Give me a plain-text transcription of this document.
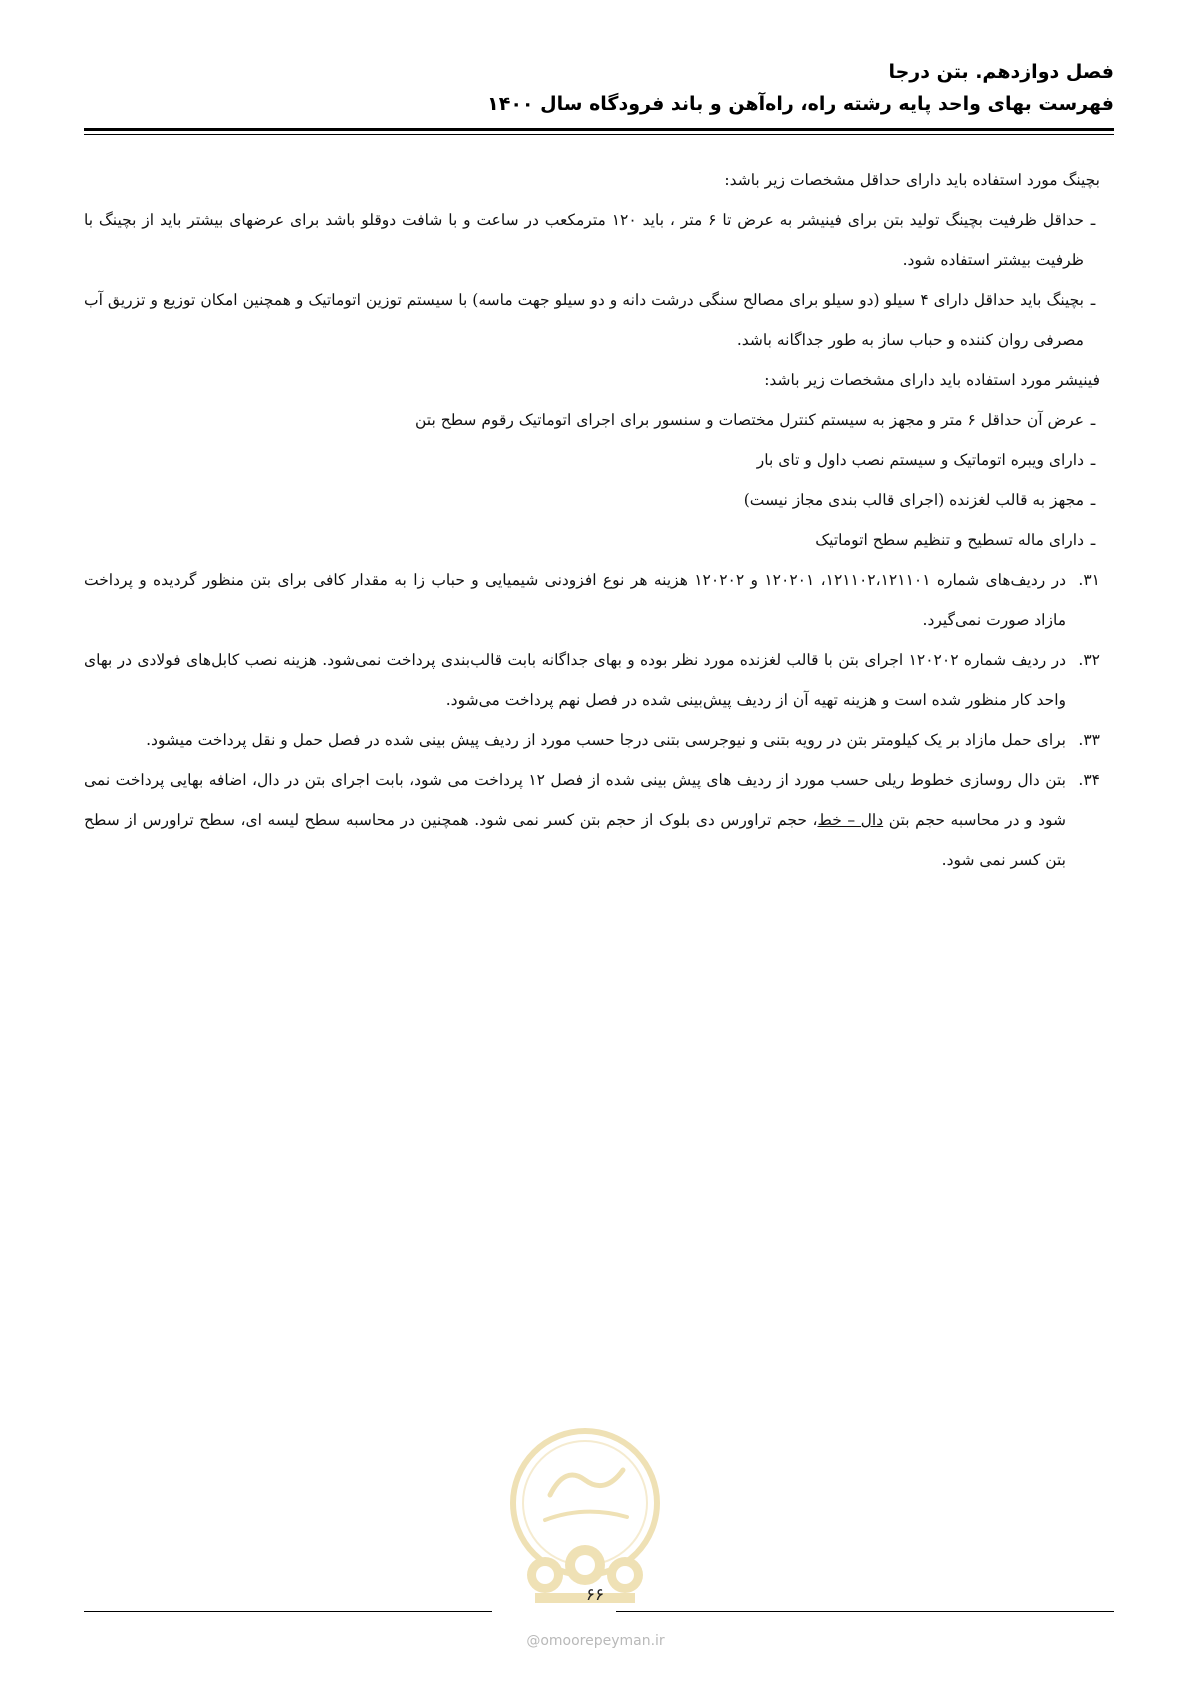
فصل دوازدهم. بتن درجا
فهرست بهای واحد پایه رشته راه، راه‌آهن و باند فرودگاه سال ۱۴۰۰

بچینگ مورد استفاده باید دارای حداقل مشخصات زیر باشد:

ـ
حداقل ظرفیت بچینگ تولید بتن برای فینیشر به عرض تا ۶ متر ، باید ۱۲۰ مترمکعب در ساعت و با شافت دوقلو باشد برای عرضهای بیشتر باید از بچینگ با ظرفیت بیشتر استفاده شود.

ـ
بچینگ باید حداقل دارای ۴ سیلو (دو سیلو برای مصالح سنگی درشت دانه و دو سیلو جهت ماسه) با سیستم توزین اتوماتیک و همچنین امکان توزیع و تزریق آب مصرفی روان کننده و حباب ساز به طور جداگانه باشد.

فینیشر مورد استفاده باید دارای مشخصات زیر باشد:

ـ
عرض آن حداقل ۶ متر و مجهز به سیستم کنترل مختصات و سنسور برای اجرای اتوماتیک رقوم سطح بتن

ـ
دارای ویبره اتوماتیک و سیستم نصب داول و تای بار

ـ
مجهز به قالب لغزنده (اجرای قالب بندی مجاز نیست)

ـ
دارای ماله تسطیح و تنظیم سطح اتوماتیک

۳۱.
در ردیف‌های شماره ۱۲۱۱۰۲،۱۲۱۱۰۱، ۱۲۰۲۰۱ و ۱۲۰۲۰۲ هزینه هر نوع افزودنی شیمیایی و حباب زا به مقدار کافی برای بتن منظور گردیده و پرداخت مازاد صورت نمی‌گیرد.

۳۲.
در ردیف شماره ۱۲۰۲۰۲ اجرای بتن با قالب لغزنده مورد نظر بوده و بهای جداگانه بابت قالب‌بندی پرداخت نمی‌شود. هزینه نصب کابل‌های فولادی در بهای واحد کار منظور شده است و هزینه تهیه آن از ردیف پیش‌بینی شده در فصل نهم پرداخت می‌شود.

۳۳.
برای حمل مازاد بر یک کیلومتر بتن در رویه بتنی و نیوجرسی بتنی درجا حسب مورد از ردیف پیش بینی شده در فصل حمل و نقل پرداخت میشود.

۳۴.
بتن دال روسازی خطوط ریلی حسب مورد از ردیف های پیش بینی شده از فصل ۱۲ پرداخت می شود، بابت اجرای بتن در دال، اضافه بهایی پرداخت نمی شود و در محاسبه حجم بتن دال – خط، حجم تراورس دی بلوک از حجم بتن کسر نمی شود. همچنین در محاسبه سطح لیسه ای، سطح تراورس از سطح بتن کسر نمی شود.

۶۶
@omoorepeyman.ir
